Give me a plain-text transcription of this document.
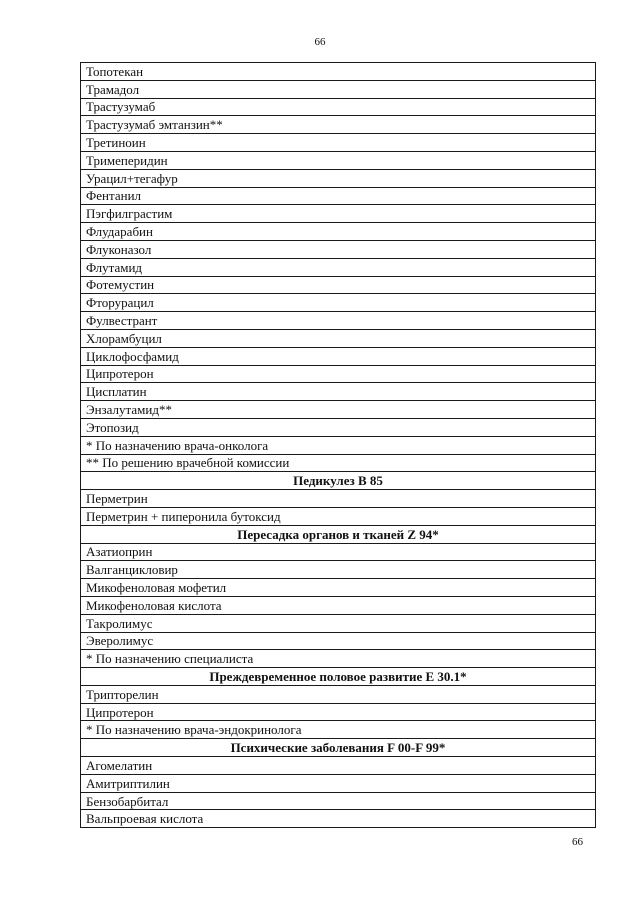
66
Топотекан
Трамадол
Трастузумаб
Трастузумаб эмтанзин**
Третиноин
Тримеперидин
Урацил+тегафур
Фентанил
Пэгфилграстим
Флударабин
Флуконазол
Флутамид
Фотемустин
Фторурацил
Фулвестрант
Хлорамбуцил
Циклофосфамид
Ципротерон
Цисплатин
Энзалутамид**
Этопозид
* По назначению врача-онколога
** По решению врачебной комиссии
Педикулез В 85
Перметрин
Перметрин + пиперонила бутоксид
Пересадка органов и тканей Z 94*
Азатиоприн
Валганцикловир
Микофеноловая мофетил
Микофеноловая кислота
Такролимус
Эверолимус
* По назначению специалиста
Преждевременное половое развитие E 30.1*
Трипторелин
Ципротерон
* По назначению врача-эндокринолога
Психические заболевания F 00-F 99*
Агомелатин
Амитриптилин
Бензобарбитал
Вальпроевая кислота
66
